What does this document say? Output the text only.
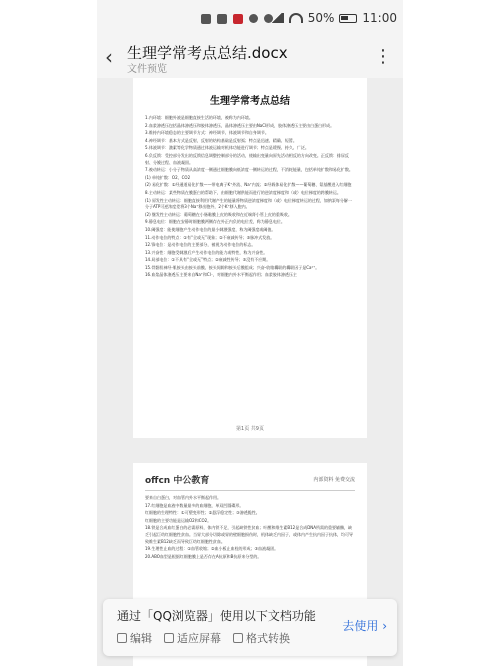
50% 11:00
‹ 生理学常考点总结.docx
文件预览
⋮
生理学常考点总结
1.内环境：细胞外液是细胞直接生活的环境，被称为内环境。
2.血浆渗透压包括晶体渗透压和胶体渗透压，晶体渗透压主要由NaCl形成，胶体渗透压主要由白蛋白形成。
3.维持内环境稳态的主要调节方式：神经调节、体液调节和自身调节。
4.神经调节：基本方式是反射，反射的结构基础是反射弧；特点是迅速、精确、短暂。
5.体液调节：激素等化学物质通过体液运输对机体功能进行调节；特点是缓慢、持久、广泛。
6.负反馈：受控部分发出的反馈信息调整控制部分的活动，使输出变量向原先活动相反的方向改变。正反馈：排尿反射、分娩过程、血液凝固。
7.被动转运：小分子物质从高浓度一侧通过细胞膜向低浓度一侧转运的过程，不消耗能量，包括单纯扩散和易化扩散。
(1) 单纯扩散：O2、CO2
(2) 易化扩散：①经通道易化扩散——带电离子K⁺外流、Na⁺内流；②经载体易化扩散——葡萄糖、氨基酸进入红细胞
8.主动转运：某些物质在膜蛋白的帮助下，由细胞代谢供能而进行的逆浓度梯度和（或）电位梯度的跨膜转运。
(1) 原发性主动转运：细胞直接利用代谢产生的能量将物质逆浓度梯度和（或）电位梯度转运的过程，如钠泵每分解一分子ATP可逆浓度差将3个Na⁺移出胞外，2个K⁺移入胞内。
(2) 继发性主动转运：葡萄糖在小肠黏膜上皮的吸收和在近端肾小管上皮的重吸收。
9.静息电位：细胞在安静时细胞膜两侧存在外正内负的电位差，称为静息电位。
10.阈强度：能使细胞产生动作电位的最小刺激强度，称为阈强度或阈值。
11.动作电位的特点：①有“全或无”现象；②不衰减传导；③脉冲式发放。
12.锋电位：是动作电位的主要部分，被视为动作电位的标志。
13.兴奋性：细胞受刺激后产生动作电位的能力或特性，称为兴奋性。
14.局部电位：①不具有“全或无”特点；②衰减性传导；③没有不应期。
15.骨骼肌神经-肌接头由接头前膜、接头间隙和接头后膜组成；兴奋-收缩耦联的耦联因子是Ca²⁺。
16.血浆晶体渗透压主要来自Na⁺和Cl⁻，对细胞内外水平衡起作用；血浆胶体渗透压主
第1页 共9页
offcn 中公教育	内部资料 免费交流
要来自白蛋白，对血管内外水平衡起作用。
17.红细胞是血液中数量最多的血细胞，单双凹圆碟形。
红细胞的生理特性：①可塑变形性；②悬浮稳定性；③渗透脆性。
红细胞的主要功能是运输O2和CO2。
18.铁是合成血红蛋白的必需原料，体内铁不足，引起缺铁性贫血；叶酸和维生素B12是合成DNA所需的重要辅酶，缺乏引起巨幼红细胞性贫血。当胃大部分切除或胃的壁细胞损伤时，机体缺乏内因子，或体内产生抗内因子抗体，均可导致维生素B12缺乏而导致巨幼红细胞性贫血。
19.生理性止血的过程：①血管收缩；②血小板止血栓的形成；③血液凝固。
20.ABO血型是根据红细胞膜上是否存在A抗原和B抗原来分型的。
通过「QQ浏览器」使用以下文档功能
编辑 适应屏幕 格式转换
去使用 ›
